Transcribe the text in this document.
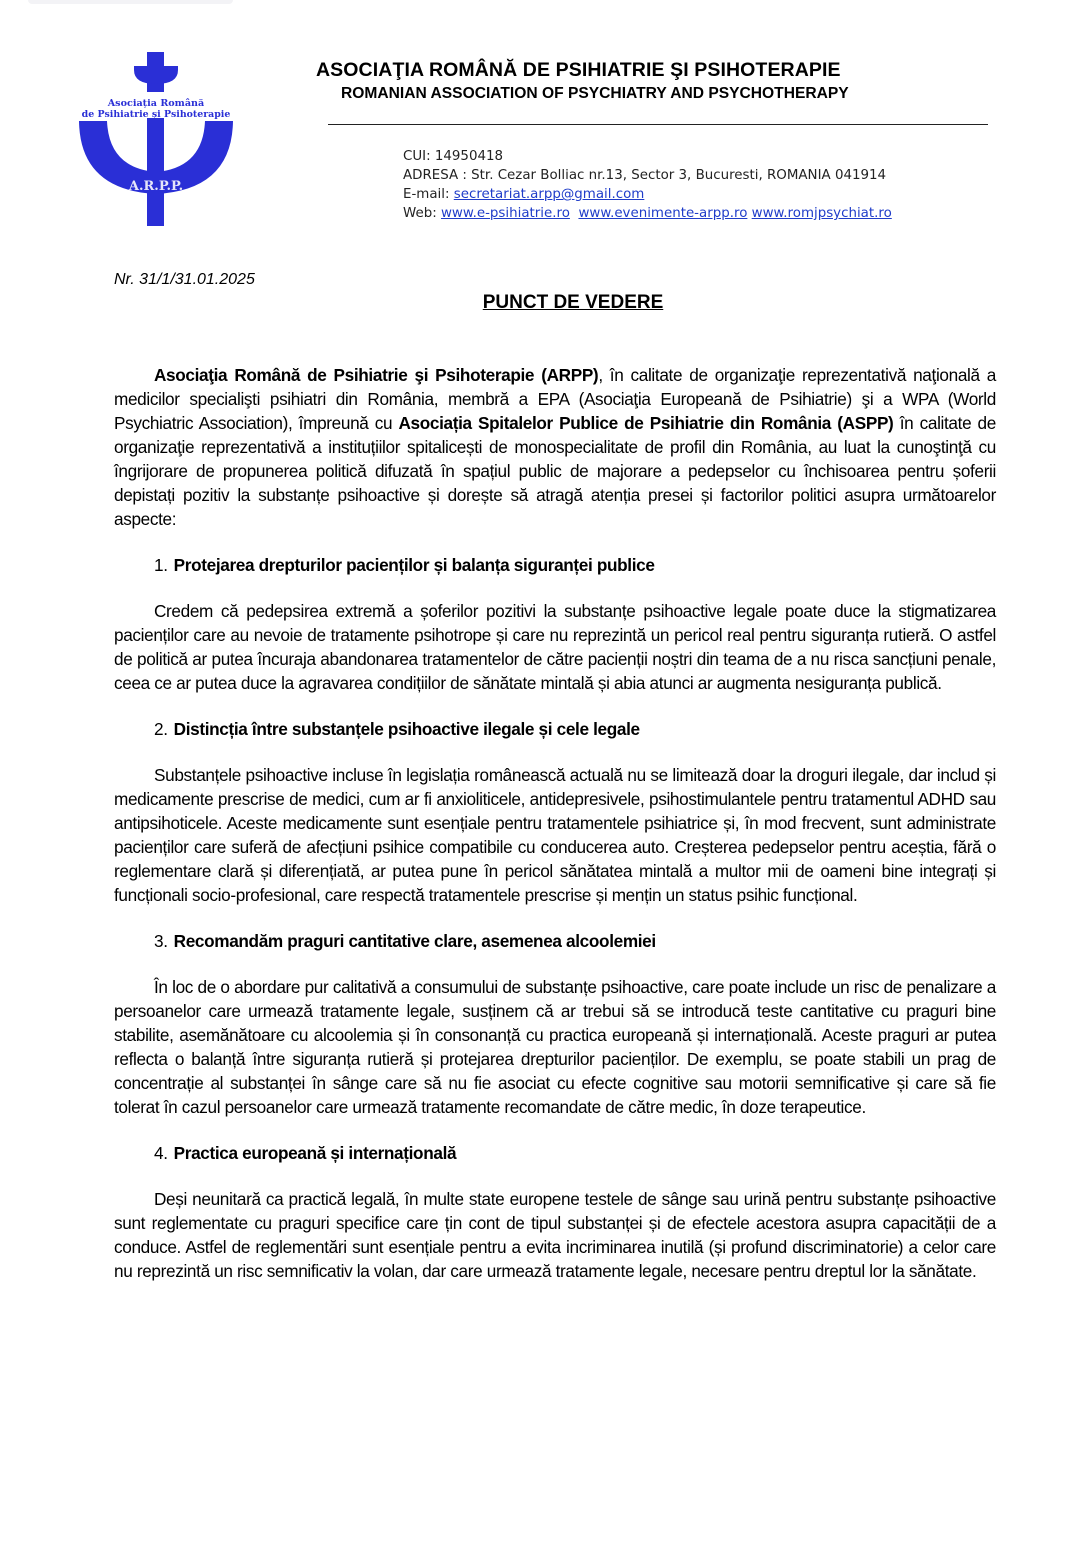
Asociația Română
de Psihiatrie și Psihoterapie
A.R.P.P.
ASOCIAŢIA ROMÂNĂ DE PSIHIATRIE ŞI PSIHOTERAPIE
ROMANIAN ASSOCIATION OF PSYCHIATRY AND PSYCHOTHERAPY
CUI: 14950418
ADRESA : Str. Cezar Bolliac nr.13, Sector 3, Bucuresti, ROMANIA 041914
E-mail: secretariat.arpp@gmail.com
Web: www.e-psihiatrie.ro www.evenimente-arpp.ro www.romjpsychiat.ro
Nr. 31/1/31.01.2025
PUNCT DE VEDERE

Asociaţia Română de Psihiatrie şi Psihoterapie (ARPP), în calitate de organizaţie reprezentativă naţională a medicilor specialişti psihiatri din România, membră a EPA (Asociaţia Europeană de Psihiatrie) şi a WPA (World Psychiatric Association), împreună cu Asociația Spitalelor Publice de Psihiatrie din România (ASPP) în calitate de organizaţie reprezentativă a instituțiilor spitalicești de monospecialitate de profil din România, au luat la cunoştinţă cu îngrijorare de propunerea politică difuzată în spațiul public de majorare a pedepselor cu închisoarea pentru șoferii depistați pozitiv la substanțe psihoactive și dorește să atragă atenția presei și factorilor politici asupra următoarelor aspecte:

1. Protejarea drepturilor pacienților și balanța siguranței publice

Credem că pedepsirea extremă a șoferilor pozitivi la substanțe psihoactive legale poate duce la stigmatizarea pacienților care au nevoie de tratamente psihotrope și care nu reprezintă un pericol real pentru siguranța rutieră. O astfel de politică ar putea încuraja abandonarea tratamentelor de către pacienții noștri din teama de a nu risca sancțiuni penale, ceea ce ar putea duce la agravarea condițiilor de sănătate mintală și abia atunci ar augmenta nesiguranța publică.

2. Distincția între substanțele psihoactive ilegale și cele legale

Substanțele psihoactive incluse în legislația românească actuală nu se limitează doar la droguri ilegale, dar includ și medicamente prescrise de medici, cum ar fi anxioliticele, antidepresivele, psihostimulantele pentru tratamentul ADHD sau antipsihoticele. Aceste medicamente sunt esențiale pentru tratamentele psihiatrice și, în mod frecvent, sunt administrate pacienților care suferă de afecțiuni psihice compatibile cu conducerea auto. Creșterea pedepselor pentru aceștia, fără o reglementare clară și diferențiată, ar putea pune în pericol sănătatea mintală a multor mii de oameni bine integrați și funcționali socio-profesional, care respectă tratamentele prescrise și mențin un status psihic funcțional.

3. Recomandăm praguri cantitative clare, asemenea alcoolemiei

În loc de o abordare pur calitativă a consumului de substanțe psihoactive, care poate include un risc de penalizare a persoanelor care urmează tratamente legale, susținem că ar trebui să se introducă teste cantitative cu praguri bine stabilite, asemănătoare cu alcoolemia și în consonanță cu practica europeană și internațională. Aceste praguri ar putea reflecta o balanță între siguranța rutieră și protejarea drepturilor pacienților. De exemplu, se poate stabili un prag de concentrație al substanței în sânge care să nu fie asociat cu efecte cognitive sau motorii semnificative și care să fie tolerat în cazul persoanelor care urmează tratamente recomandate de către medic, în doze terapeutice.

4. Practica europeană și internațională

Deși neunitară ca practică legală, în multe state europene testele de sânge sau urină pentru substanțe psihoactive sunt reglementate cu praguri specifice care țin cont de tipul substanței și de efectele acestora asupra capacității de a conduce. Astfel de reglementări sunt esențiale pentru a evita incriminarea inutilă (și profund discriminatorie) a celor care nu reprezintă un risc semnificativ la volan, dar care urmează tratamente legale, necesare pentru dreptul lor la sănătate.
